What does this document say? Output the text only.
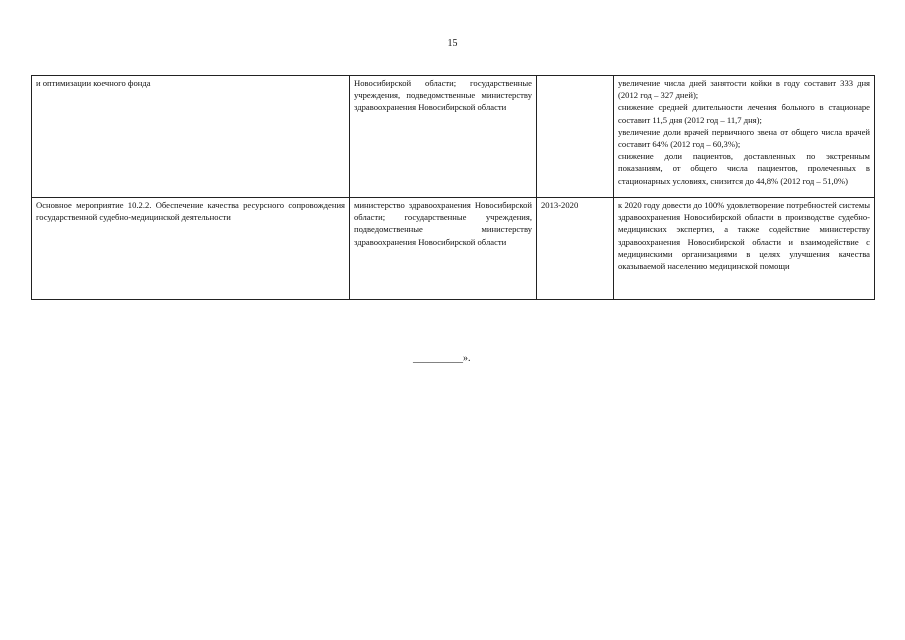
15
и оптимизации коечного фонда	Новосибирской области; государственные учреждения, подведомственные министерству здравоохранения Новосибирской области		увеличение числа дней занятости койки в году составит 333 дня (2012 год – 327 дней);
снижение средней длительности лечения больного в стационаре составит 11,5 дня (2012 год – 11,7 дня);
увеличение доли врачей первичного звена от общего числа врачей составит 64% (2012 год – 60,3%);
снижение доли пациентов, доставленных по экстренным показаниям, от общего числа пациентов, пролеченных в стационарных условиях, снизится до 44,8% (2012 год – 51,0%)

Основное мероприятие 10.2.2. Обеспечение качества ресурсного сопровождения государственной судебно-медицинской деятельности	министерство здравоохранения Новосибирской области; государственные учреждения, подведомственные министерству здравоохранения Новосибирской области	2013-2020	к 2020 году довести до 100% удовлетворение потребностей системы здравоохранения Новосибирской области в производстве судебно-медицинских экспертиз, а также содействие министерству здравоохранения Новосибирской области и взаимодействие с медицинскими организациями в целях улучшения качества оказываемой населению медицинской помощи
__________».
